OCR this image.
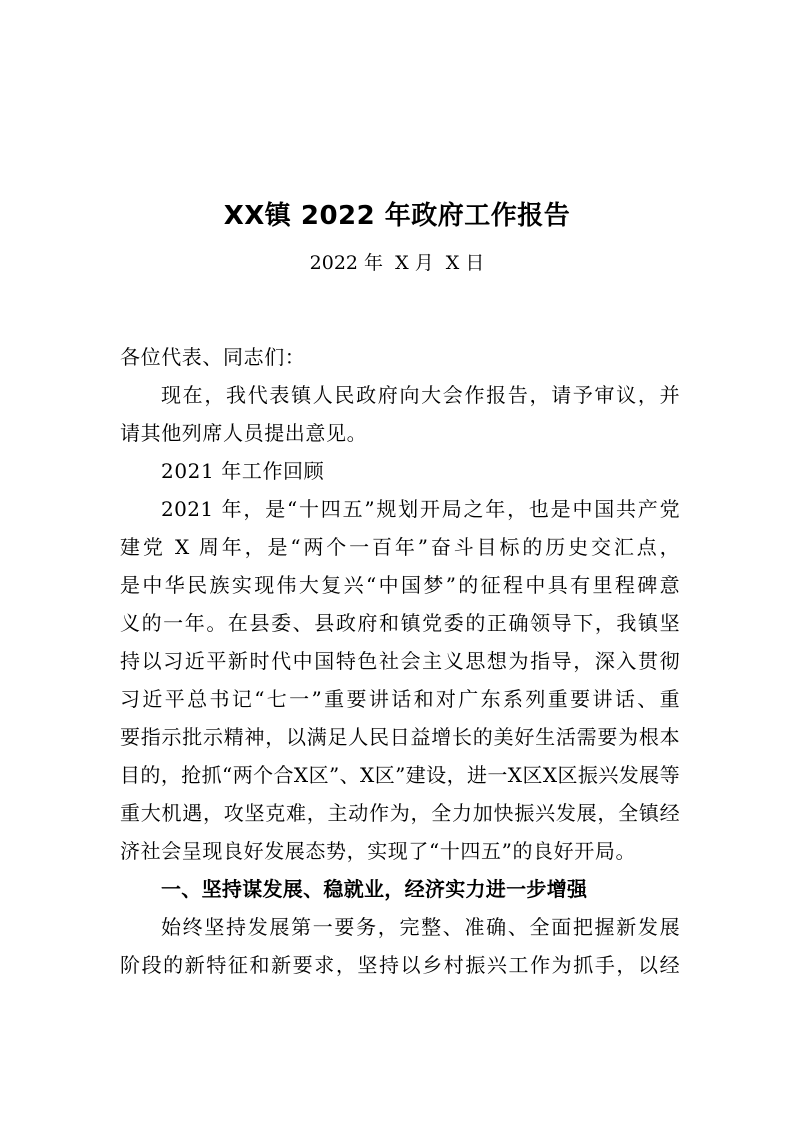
XX镇 2022 年政府工作报告
2022 年  X 月  X 日
各位代表、同志们：
现在，我代表镇人民政府向大会作报告，请予审议，并
请其他列席人员提出意见。
2021 年工作回顾
2021 年，是“十四五”规划开局之年，也是中国共产党
建党 X 周年，是“两个一百年”奋斗目标的历史交汇点，
是中华民族实现伟大复兴“中国梦”的征程中具有里程碑意
义的一年。在县委、县政府和镇党委的正确领导下，我镇坚
持以习近平新时代中国特色社会主义思想为指导，深入贯彻
习近平总书记“七一”重要讲话和对广东系列重要讲话、重
要指示批示精神，以满足人民日益增长的美好生活需要为根本
目的，抢抓“两个合X区”、X区”建设，进一X区X区振兴发展等
重大机遇，攻坚克难，主动作为，全力加快振兴发展，全镇经
济社会呈现良好发展态势，实现了“十四五”的良好开局。
一、坚持谋发展、稳就业，经济实力进一步增强
始终坚持发展第一要务，完整、准确、全面把握新发展
阶段的新特征和新要求，坚持以乡村振兴工作为抓手，以经
